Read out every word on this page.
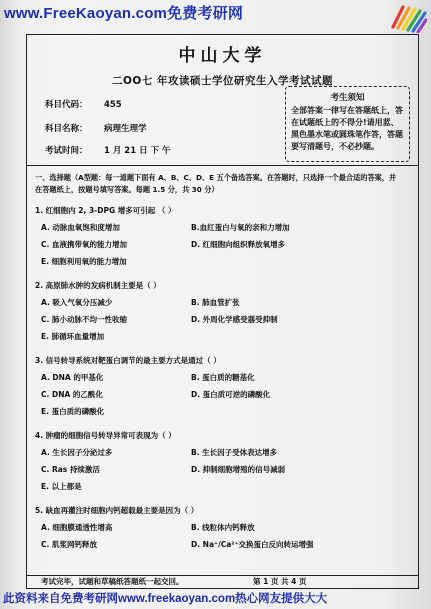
www.FreeKaoyan.com免费考研网
中山大学
二OO七 年攻读硕士学位研究生入学考试试题
科目代码： 455
科目名称： 病理生理学
考试时间： 1 月 21 日 下 午
考生须知
全部答案一律写在答题纸上，答在试题纸上的不得分!请用蓝、黑色墨水笔或圆珠笔作答，答题要写清题号，不必抄题。
一、选择题（A型题：每一道题下面有 A、B、C、D、E 五个备选答案。在答题时，只选择一个最合适的答案，并
在答题纸上，按题号填写答案。每题 1.5 分，共 30 分）
1. 红细胞内 2, 3-DPG 增多可引起 （ ）
A. 动脉血氧饱和度增加	B.血红蛋白与氧的亲和力增加
C. 血液携带氧的能力增加	D. 红细胞向组织释放氧增多
E. 细胞利用氧的能力增加
2. 高原肺水肿的发病机制主要是（ ）
A. 吸入气氧分压减少	B. 肺血管扩张
C. 肺小动脉不均一性收缩	D. 外周化学感受器受抑制
E. 肺循环血量增加
3. 信号转导系统对靶蛋白调节的最主要方式是通过（ ）
A. DNA 的甲基化	B. 蛋白质的糖基化
C. DNA 的乙酰化	D. 蛋白质可逆的磷酸化
E. 蛋白质的磷酸化
4. 肿瘤的细胞信号转导异常可表现为（ ）
A. 生长因子分泌过多	B. 生长因子受体表达增多
C. Ras 持续激活	D. 抑制细胞增殖的信号减弱
E. 以上都是
5. 缺血再灌注时细胞内钙超载最主要是因为（ ）
A. 细胞膜通透性增高	B. 线粒体内钙释放
C. 肌浆网钙释放	D. Na⁺/Ca²⁺交换蛋白反向转运增强
考试完毕，试题和草稿纸答题纸一起交回。	第 1 页 共 4 页
此资料来自免费考研网www.freekaoyan.com热心网友提供大大
